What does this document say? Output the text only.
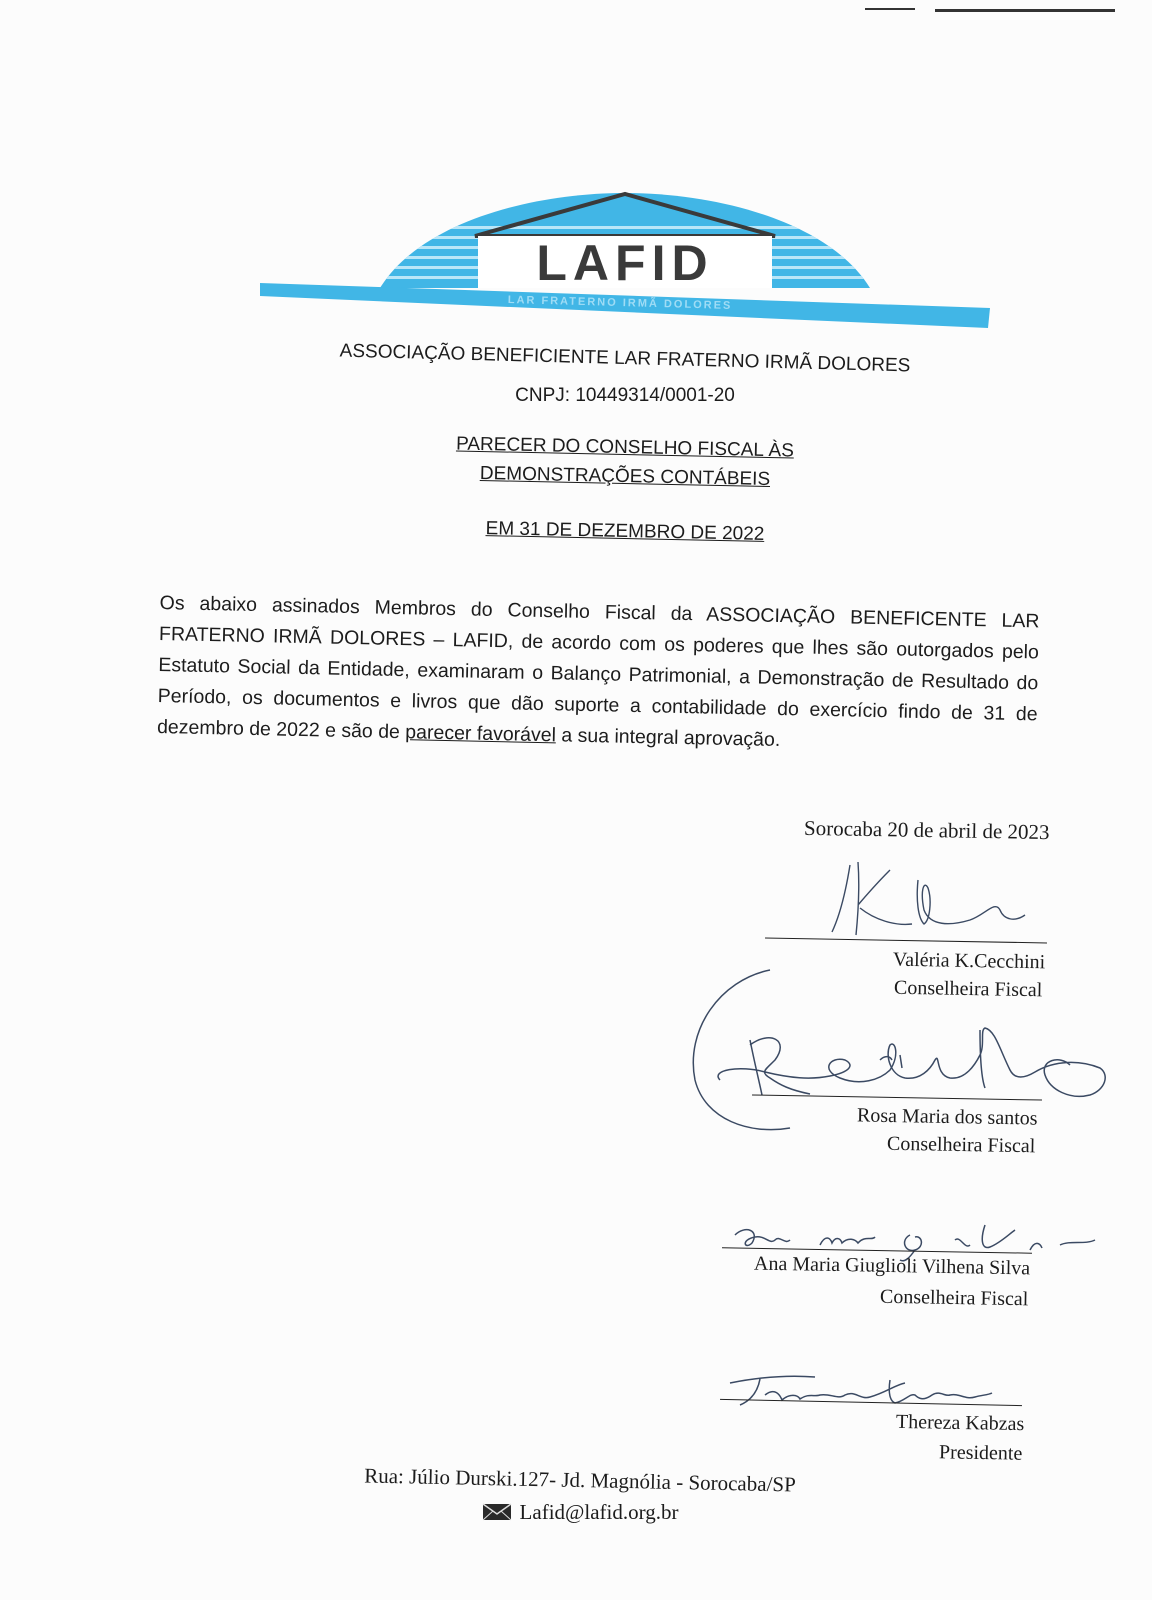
LAFID
LAR FRATERNO IRMÃ DOLORES
ASSOCIAÇÃO BENEFICIENTE LAR FRATERNO IRMÃ DOLORES
CNPJ: 10449314/0001-20
PARECER DO CONSELHO FISCAL ÀS
DEMONSTRAÇÕES CONTÁBEIS
EM 31 DE DEZEMBRO DE 2022
Os abaixo assinados Membros do Conselho Fiscal da ASSOCIAÇÃO BENEFICENTE LAR FRATERNO IRMÃ DOLORES – LAFID, de acordo com os poderes que lhes são outorgados pelo Estatuto Social da Entidade, examinaram o Balanço Patrimonial, a Demonstração de Resultado do Período, os documentos e livros que dão suporte a contabilidade do exercício findo de 31 de dezembro de 2022 e são de parecer favorável a sua integral aprovação.
Sorocaba 20 de abril de 2023
Valéria K.Cecchini
Conselheira Fiscal
Rosa Maria dos santos
Conselheira Fiscal
Ana Maria Giuglioli Vilhena Silva
Conselheira Fiscal
Thereza Kabzas
Presidente
Rua: Júlio Durski.127- Jd. Magnólia - Sorocaba/SP
Lafid@lafid.org.br
